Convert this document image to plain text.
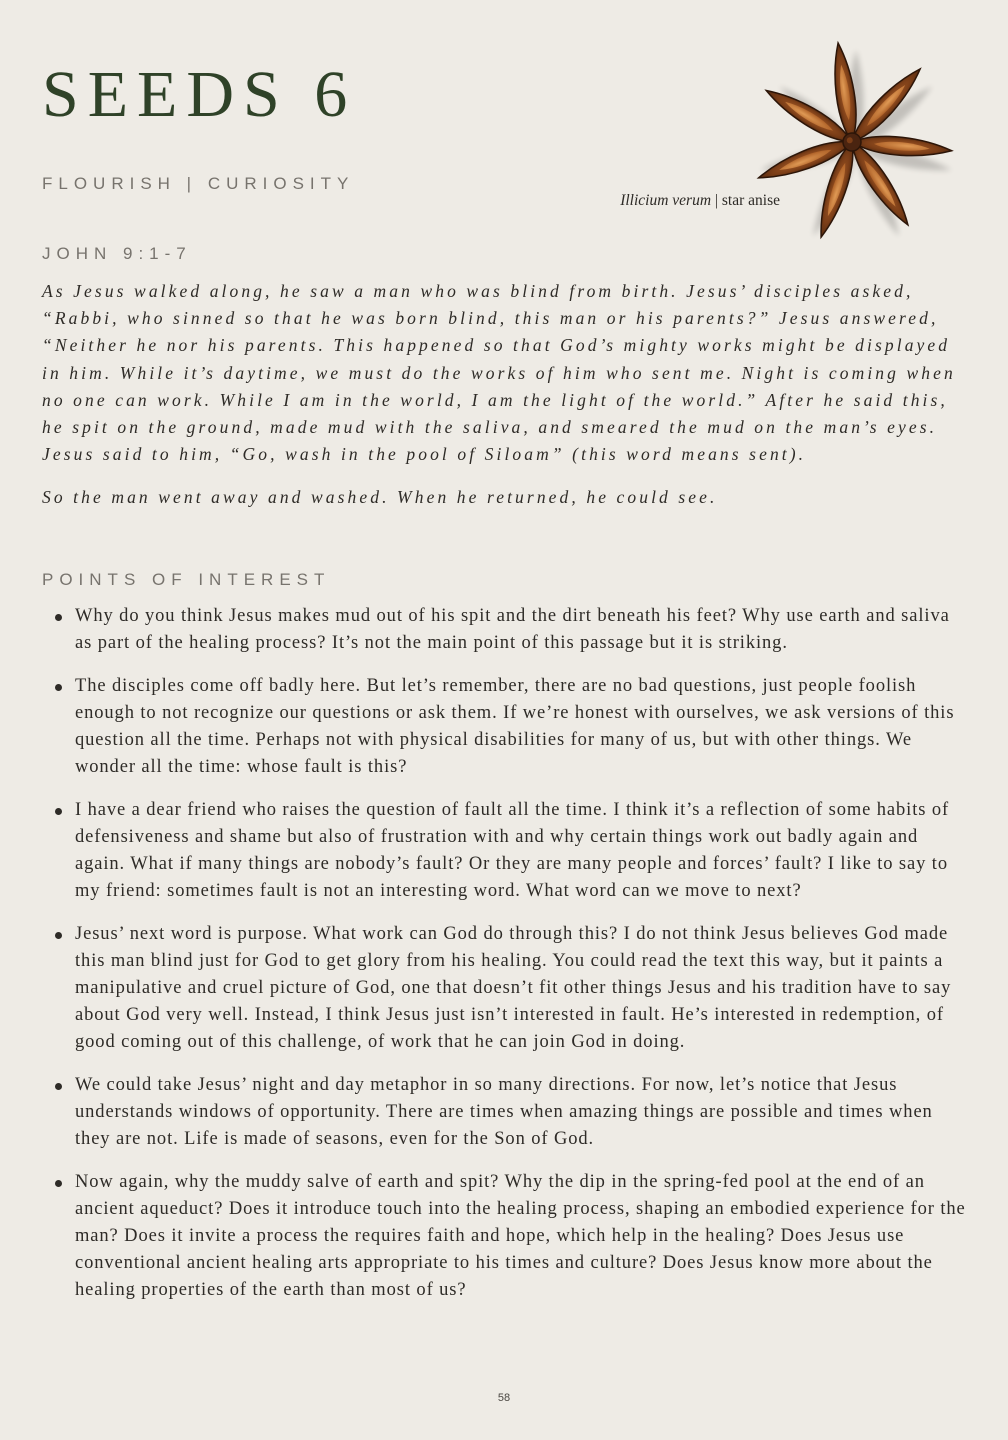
SEEDS 6
FLOURISH | CURIOSITY
Illicium verum | star anise
JOHN 9:1-7

As Jesus walked along, he saw a man who was blind from birth. Jesus’ disciples asked, “Rabbi, who sinned so that he was born blind, this man or his parents?” Jesus answered, “Neither he nor his parents. This happened so that God’s mighty works might be displayed in him. While it’s daytime, we must do the works of him who sent me. Night is coming when no one can work. While I am in the world, I am the light of the world.” After he said this, he spit on the ground, made mud with the saliva, and smeared the mud on the man’s eyes. Jesus said to him, “Go, wash in the pool of Siloam” (this word means sent).

So the man went away and washed. When he returned, he could see.

POINTS OF INTEREST
Why do you think Jesus makes mud out of his spit and the dirt beneath his feet? Why use earth and saliva as part of the healing process? It’s not the main point of this passage but it is striking.
The disciples come off badly here. But let’s remember, there are no bad questions, just people foolish enough to not recognize our questions or ask them. If we’re honest with ourselves, we ask versions of this question all the time. Perhaps not with physical disabilities for many of us, but with other things. We wonder all the time: whose fault is this?
I have a dear friend who raises the question of fault all the time. I think it’s a reflection of some habits of defensiveness and shame but also of frustration with and why certain things work out badly again and again. What if many things are nobody’s fault? Or they are many people and forces’ fault? I like to say to my friend: sometimes fault is not an interesting word. What word can we move to next?
Jesus’ next word is purpose. What work can God do through this? I do not think Jesus believes God made this man blind just for God to get glory from his healing. You could read the text this way, but it paints a manipulative and cruel picture of God, one that doesn’t fit other things Jesus and his tradition have to say about God very well. Instead, I think Jesus just isn’t interested in fault. He’s interested in redemption, of good coming out of this challenge, of work that he can join God in doing.
We could take Jesus’ night and day metaphor in so many directions. For now, let’s notice that Jesus understands windows of opportunity. There are times when amazing things are possible and times when they are not. Life is made of seasons, even for the Son of God.
Now again, why the muddy salve of earth and spit? Why the dip in the spring-fed pool at the end of an ancient aqueduct? Does it introduce touch into the healing process, shaping an embodied experience for the man? Does it invite a process the requires faith and hope, which help in the healing? Does Jesus use conventional ancient healing arts appropriate to his times and culture? Does Jesus know more about the healing properties of the earth than most of us?
58
